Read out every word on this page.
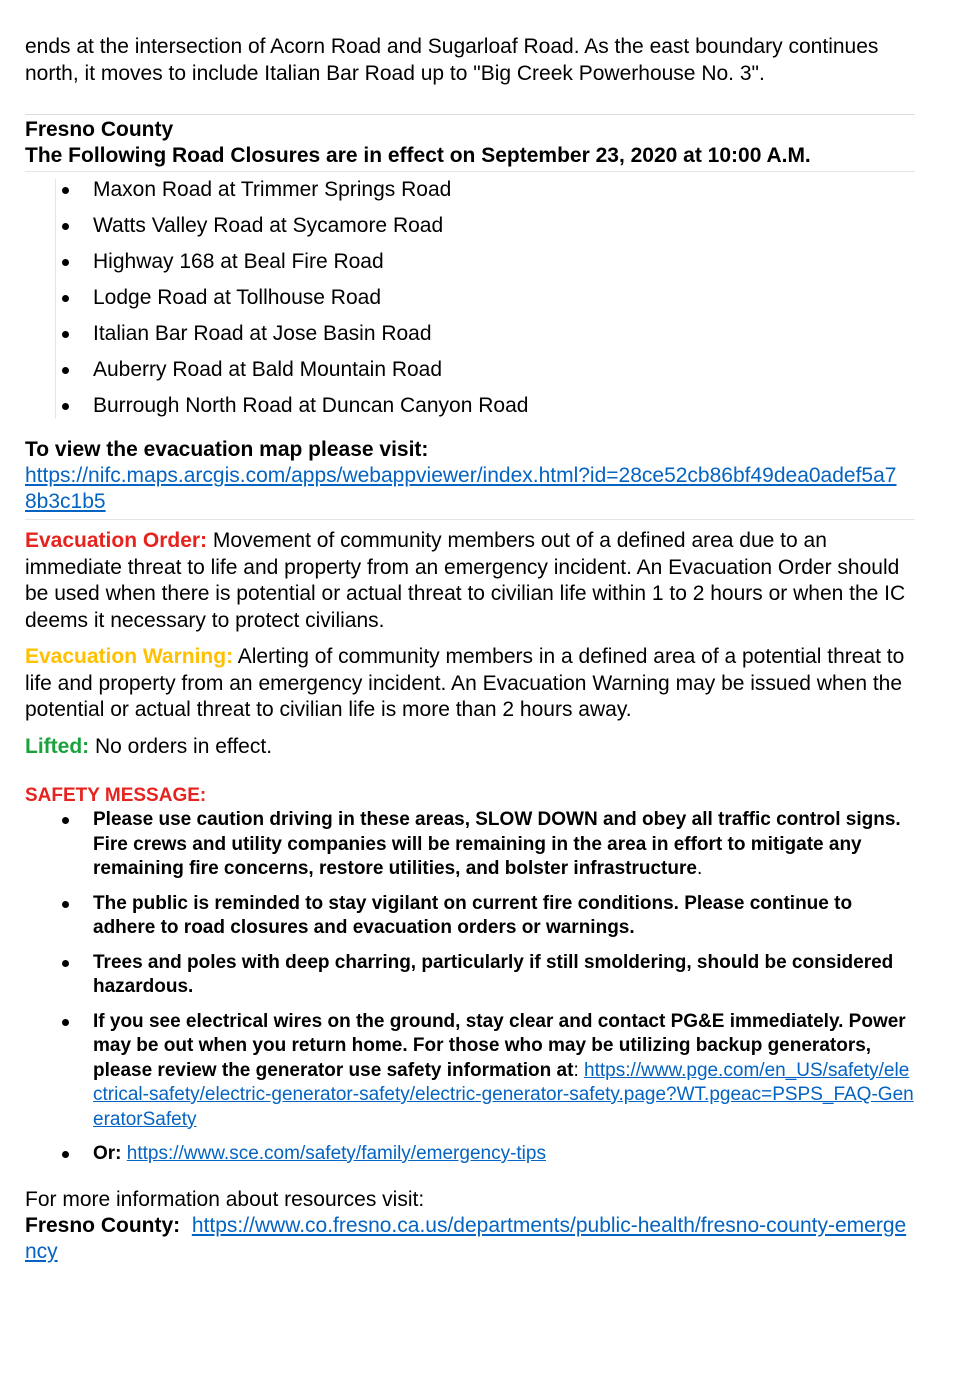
ends at the intersection of Acorn Road and Sugarloaf Road. As the east boundary continues north, it moves to include Italian Bar Road up to "Big Creek Powerhouse No. 3".

Fresno County

The Following Road Closures are in effect on September 23, 2020 at 10:00 A.M.

Maxon Road at Trimmer Springs Road
Watts Valley Road at Sycamore Road
Highway 168 at Beal Fire Road
Lodge Road at Tollhouse Road
Italian Bar Road at Jose Basin Road
Auberry Road at Bald Mountain Road
Burrough North Road at Duncan Canyon Road

To view the evacuation map please visit:

https://nifc.maps.arcgis.com/apps/webappviewer/index.html?id=28ce52cb86bf49dea0adef5a78b3c1b5

Evacuation Order: Movement of community members out of a defined area due to an immediate threat to life and property from an emergency incident. An Evacuation Order should be used when there is potential or actual threat to civilian life within 1 to 2 hours or when the IC deems it necessary to protect civilians.

Evacuation Warning: Alerting of community members in a defined area of a potential threat to life and property from an emergency incident. An Evacuation Warning may be issued when the potential or actual threat to civilian life is more than 2 hours away.

Lifted: No orders in effect.

SAFETY MESSAGE:
Please use caution driving in these areas, SLOW DOWN and obey all traffic control signs. Fire crews and utility companies will be remaining in the area in effort to mitigate any remaining fire concerns, restore utilities, and bolster infrastructure.
The public is reminded to stay vigilant on current fire conditions. Please continue to adhere to road closures and evacuation orders or warnings.
Trees and poles with deep charring, particularly if still smoldering, should be considered hazardous.
If you see electrical wires on the ground, stay clear and contact PG&E immediately. Power may be out when you return home. For those who may be utilizing backup generators, please review the generator use safety information at: https://www.pge.com/en_US/safety/electrical-safety/electric-generator-safety/electric-generator-safety.page?WT.pgeac=PSPS_FAQ-GeneratorSafety
Or: https://www.sce.com/safety/family/emergency-tips
For more information about resources visit:
Fresno County: https://www.co.fresno.ca.us/departments/public-health/fresno-county-emergency
